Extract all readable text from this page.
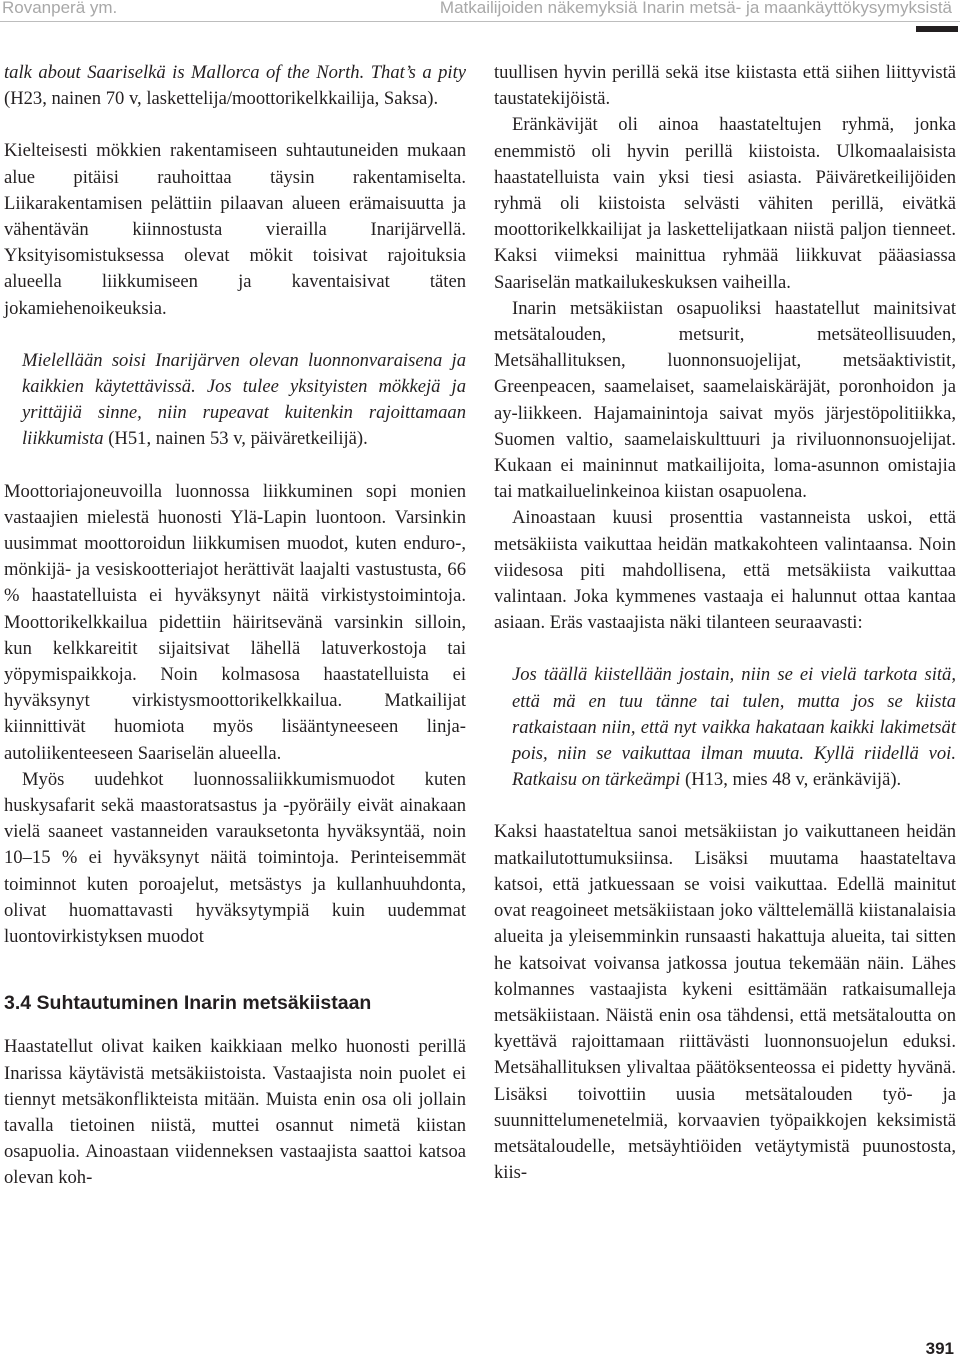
Rovanperä ym.	Matkailijoiden näkemyksiä Inarin metsä- ja maankäyttökysymyksistä

talk about Saariselkä is Mallorca of the North. That’s a pity (H23, nainen 70 v, laskettelija/moottorikelkkailija, Saksa).

Kielteisesti mökkien rakentamiseen suhtautuneiden mukaan alue pitäisi rauhoittaa täysin rakentamiselta. Liikarakentamisen pelättiin pilaavan alueen erämaisuutta ja vähentävän kiinnostusta vierailla Inarijärvellä. Yksityisomistuksessa olevat mökit toisivat rajoituksia alueella liikkumiseen ja kaventaisivat täten jokamiehenoikeuksia.

Mielellään soisi Inarijärven olevan luonnonvaraisena ja kaikkien käytettävissä. Jos tulee yksityisten mökkejä ja yrittäjiä sinne, niin rupeavat kuitenkin rajoittamaan liikkumista (H51, nainen 53 v, päiväretkeilijä).

Moottoriajoneuvoilla luonnossa liikkuminen sopi monien vastaajien mielestä huonosti Ylä-Lapin luontoon. Varsinkin uusimmat moottoroidun liikkumisen muodot, kuten enduro-, mönkijä- ja vesiskootteriajot herättivät laajalti vastustusta, 66 % haastatelluista ei hyväksynyt näitä virkistystoimintoja. Moottorikelkkailua pidettiin häiritsevänä varsinkin silloin, kun kelkkareitit sijaitsivat lähellä latuverkostoja tai yöpymispaikkoja. Noin kolmasosa haastatelluista ei hyväksynyt virkistysmoottorikelkkailua. Matkailijat kiinnittivät huomiota myös lisääntyneeseen linja-autoliikenteeseen Saariselän alueella.

Myös uudehkot luonnossaliikkumismuodot kuten huskysafarit sekä maastoratsastus ja -pyöräily eivät ainakaan vielä saaneet vastanneiden varauksetonta hyväksyntää, noin 10–15 % ei hyväksynyt näitä toimintoja. Perinteisemmät toiminnot kuten poroajelut, metsästys ja kullanhuuhdonta, olivat huomattavasti hyväksytympiä kuin uudemmat luontovirkistyksen muodot

3.4 Suhtautuminen Inarin metsäkiistaan

Haastatellut olivat kaiken kaikkiaan melko huonosti perillä Inarissa käytävistä metsäkiistoista. Vastaajista noin puolet ei tiennyt metsäkonflikteista mitään. Muista enin osa oli jollain tavalla tietoinen niistä, muttei osannut nimetä kiistan osapuolia. Ainoastaan viidenneksen vastaajista saattoi katsoa olevan koh-

tuullisen hyvin perillä sekä itse kiistasta että siihen liittyvistä taustatekijöistä.

Eränkävijät oli ainoa haastateltujen ryhmä, jonka enemmistö oli hyvin perillä kiistoista. Ulkomaalaisista haastatelluista vain yksi tiesi asiasta. Päiväretkeilijöiden ryhmä oli kiistoista selvästi vähiten perillä, eivätkä moottorikelkkailijat ja laskettelijatkaan niistä paljon tienneet. Kaksi viimeksi mainittua ryhmää liikkuvat pääasiassa Saariselän matkailukeskuksen vaiheilla.

Inarin metsäkiistan osapuoliksi haastatellut mainitsivat metsätalouden, metsurit, metsäteollisuuden, Metsähallituksen, luonnonsuojelijat, metsäaktivistit, Greenpeacen, saamelaiset, saamelaiskäräjät, poronhoidon ja ay-liikkeen. Hajamainintoja saivat myös järjestöpolitiikka, Suomen valtio, saamelaiskulttuuri ja riviluonnonsuojelijat. Kukaan ei maininnut matkailijoita, loma-asunnon omistajia tai matkailuelinkeinoa kiistan osapuolena.

Ainoastaan kuusi prosenttia vastanneista uskoi, että metsäkiista vaikuttaa heidän matkakohteen valintaansa. Noin viidesosa piti mahdollisena, että metsäkiista vaikuttaa valintaan. Joka kymmenes vastaaja ei halunnut ottaa kantaa asiaan. Eräs vastaajista näki tilanteen seuraavasti:

Jos täällä kiistellään jostain, niin se ei vielä tarkota sitä, että mä en tuu tänne tai tulen, mutta jos se kiista ratkaistaan niin, että nyt vaikka hakataan kaikki lakimetsät pois, niin se vaikuttaa ilman muuta. Kyllä riidellä voi. Ratkaisu on tärkeämpi (H13, mies 48 v, eränkävijä).

Kaksi haastateltua sanoi metsäkiistan jo vaikuttaneen heidän matkailutottumuksiinsa. Lisäksi muutama haastateltava katsoi, että jatkuessaan se voisi vaikuttaa. Edellä mainitut ovat reagoineet metsäkiistaan joko välttelemällä kiistanalaisia alueita ja yleisemminkin runsaasti hakattuja alueita, tai sitten he katsoivat voivansa jatkossa joutua tekemään näin. Lähes kolmannes vastaajista kykeni esittämään ratkaisumalleja metsäkiistaan. Näistä enin osa tähdensi, että metsätaloutta on kyettävä rajoittamaan riittävästi luonnonsuojelun eduksi. Metsähallituksen ylivaltaa päätöksenteossa ei pidetty hyvänä. Lisäksi toivottiin uusia metsätalouden työ- ja suunnittelumenetelmiä, korvaavien työpaikkojen keksimistä metsätaloudelle, metsäyhtiöiden vetäytymistä puunostosta, kiis-

391
